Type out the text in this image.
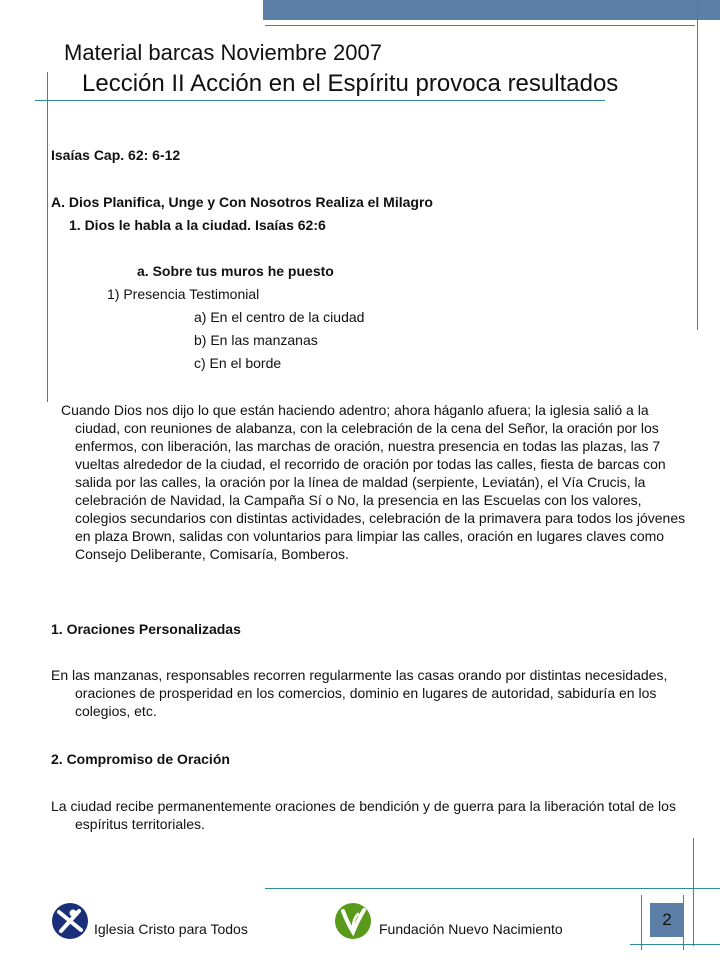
Material barcas Noviembre 2007
Lección II Acción en el Espíritu provoca resultados

Isaías Cap. 62: 6-12

A. Dios Planifica, Unge y Con Nosotros Realiza el Milagro

1. Dios le habla a la ciudad. Isaías 62:6

a. Sobre tus muros he puesto

1) Presencia Testimonial

a) En el centro de la ciudad

b) En las manzanas

c) En el borde

Cuando Dios nos dijo lo que están haciendo adentro; ahora háganlo afuera; la iglesia salió a la ciudad, con reuniones de alabanza, con la celebración de la cena del Señor, la oración por los enfermos, con liberación, las marchas de oración, nuestra presencia en todas las plazas, las 7 vueltas alrededor de la ciudad, el recorrido de oración por todas las calles, fiesta de barcas con salida por las calles, la oración por la línea de maldad (serpiente, Leviatán), el Vía Crucis, la celebración de Navidad, la Campaña Sí o No, la presencia en las Escuelas con los valores, colegios secundarios con distintas actividades, celebración de la primavera para todos los jóvenes en plaza Brown, salidas con voluntarios para limpiar las calles, oración en lugares claves como Consejo Deliberante, Comisaría, Bomberos.

1. Oraciones Personalizadas

En las manzanas, responsables recorren regularmente las casas orando por distintas necesidades, oraciones de prosperidad en los comercios, dominio en lugares de autoridad, sabiduría en los colegios, etc.

2. Compromiso de Oración

La ciudad recibe permanentemente oraciones de bendición y de guerra para la liberación total de los espíritus territoriales.

Iglesia Cristo para Todos	Fundación Nuevo Nacimiento	2
